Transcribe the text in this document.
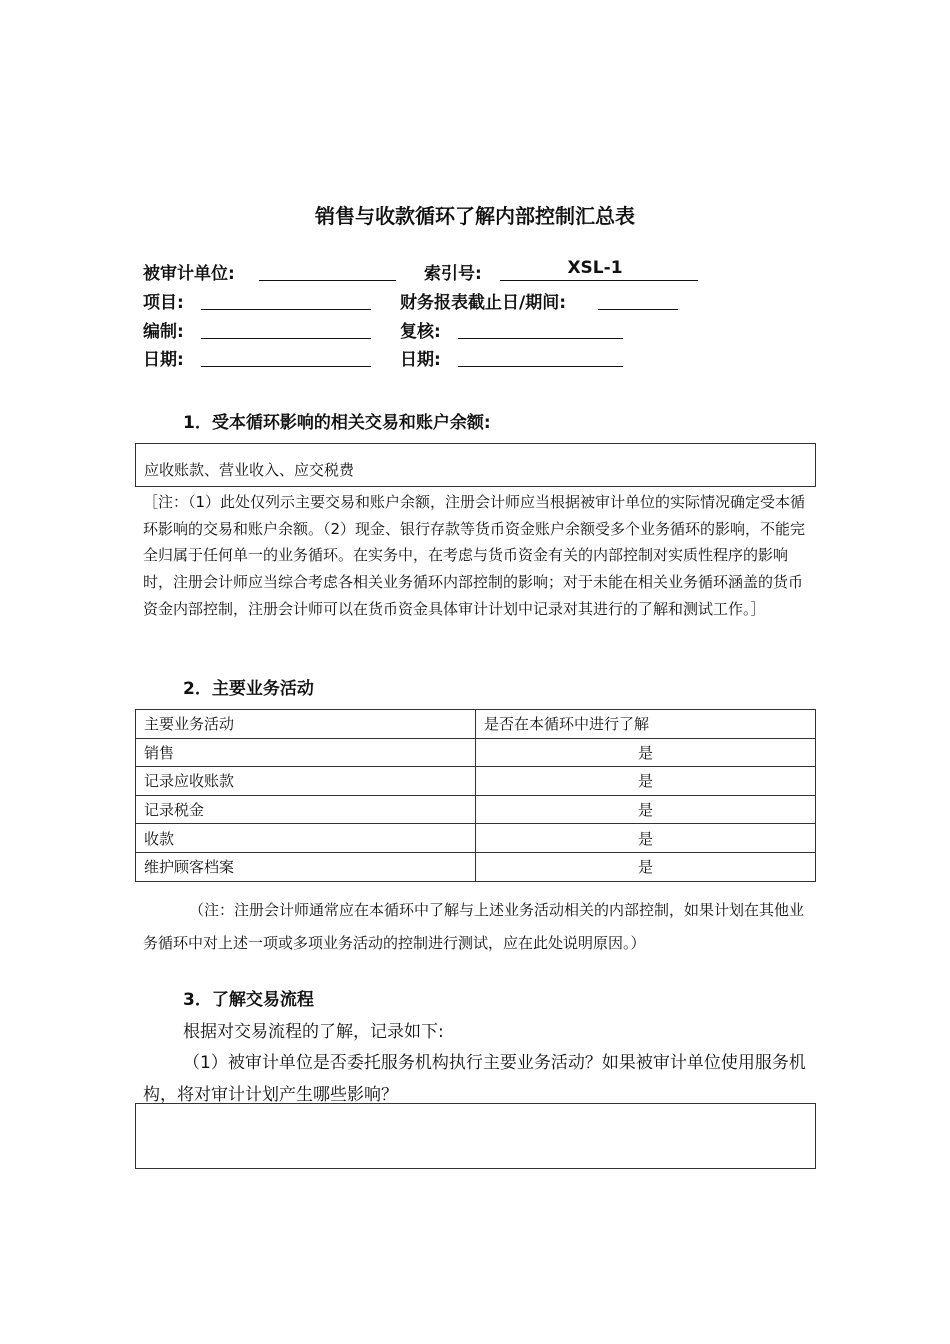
销售与收款循环了解内部控制汇总表
被审计单位:	索引号:	XSL-1
项目:	财务报表截止日/期间:
编制:	复核:
日期:	日期:
1．受本循环影响的相关交易和账户余额:
应收账款、营业收入、应交税费
［注：（1）此处仅列示主要交易和账户余额，注册会计师应当根据被审计单位的实际情况确定受本循环影响的交易和账户余额。（2）现金、银行存款等货币资金账户余额受多个业务循环的影响，不能完全归属于任何单一的业务循环。在实务中，在考虑与货币资金有关的内部控制对实质性程序的影响时，注册会计师应当综合考虑各相关业务循环内部控制的影响；对于未能在相关业务循环涵盖的货币资金内部控制，注册会计师可以在货币资金具体审计计划中记录对其进行的了解和测试工作。］
2．主要业务活动
主要业务活动	是否在本循环中进行了解
销售	是
记录应收账款	是
记录税金	是
收款	是
维护顾客档案	是
（注：注册会计师通常应在本循环中了解与上述业务活动相关的内部控制，如果计划在其他业务循环中对上述一项或多项业务活动的控制进行测试，应在此处说明原因。）
3．了解交易流程
根据对交易流程的了解，记录如下:
（1）被审计单位是否委托服务机构执行主要业务活动？如果被审计单位使用服务机构，将对审计计划产生哪些影响？
